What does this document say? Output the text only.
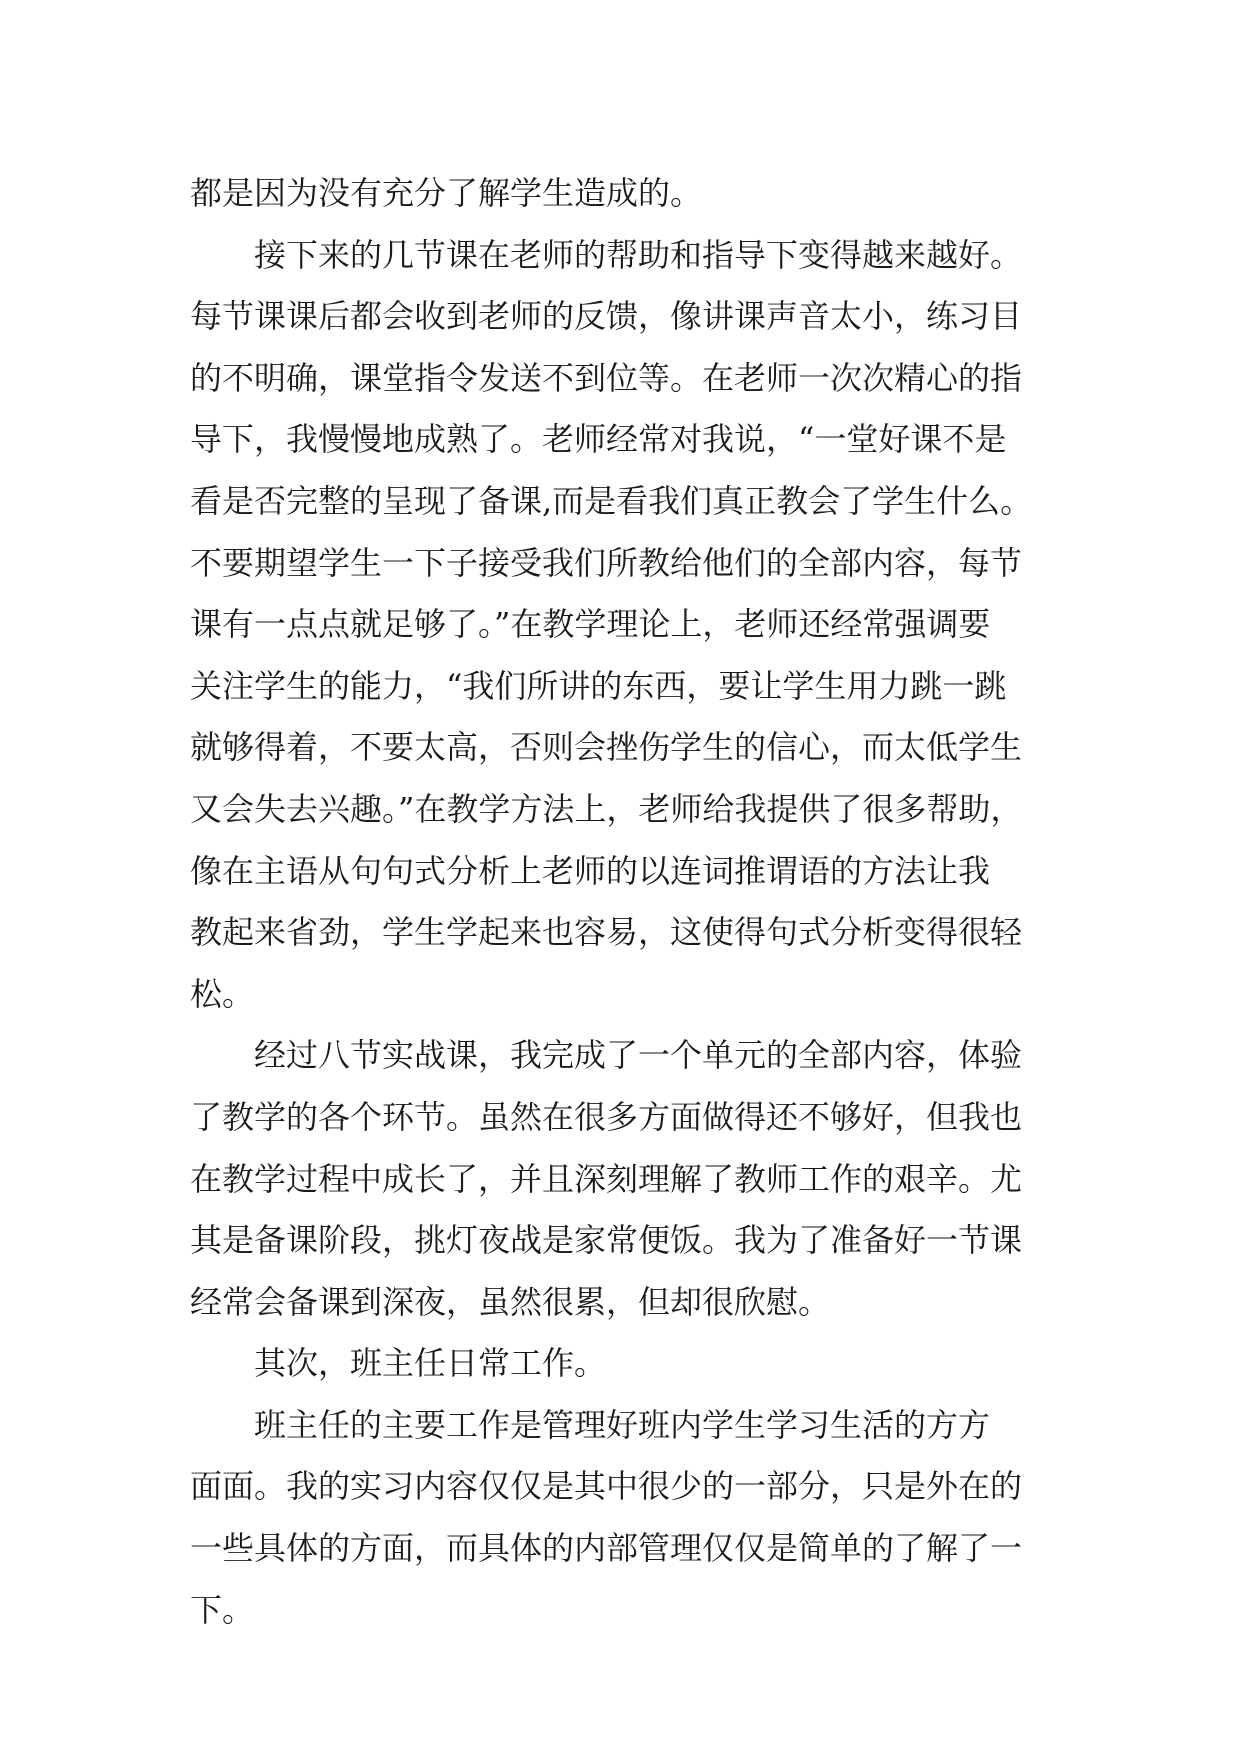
都是因为没有充分了解学生造成的。
接下来的几节课在老师的帮助和指导下变得越来越好。
每节课课后都会收到老师的反馈，像讲课声音太小，练习目
的不明确，课堂指令发送不到位等。在老师一次次精心的指
导下，我慢慢地成熟了。老师经常对我说，“一堂好课不是
看是否完整的呈现了备课,而是看我们真正教会了学生什么。
不要期望学生一下子接受我们所教给他们的全部内容，每节
课有一点点就足够了。”在教学理论上，老师还经常强调要
关注学生的能力，“我们所讲的东西，要让学生用力跳一跳
就够得着，不要太高，否则会挫伤学生的信心，而太低学生
又会失去兴趣。”在教学方法上，老师给我提供了很多帮助，
像在主语从句句式分析上老师的以连词推谓语的方法让我
教起来省劲，学生学起来也容易，这使得句式分析变得很轻
松。
经过八节实战课，我完成了一个单元的全部内容，体验
了教学的各个环节。虽然在很多方面做得还不够好，但我也
在教学过程中成长了，并且深刻理解了教师工作的艰辛。尤
其是备课阶段，挑灯夜战是家常便饭。我为了准备好一节课
经常会备课到深夜，虽然很累，但却很欣慰。
其次，班主任日常工作。
班主任的主要工作是管理好班内学生学习生活的方方
面面。我的实习内容仅仅是其中很少的一部分，只是外在的
一些具体的方面，而具体的内部管理仅仅是简单的了解了一
下。
